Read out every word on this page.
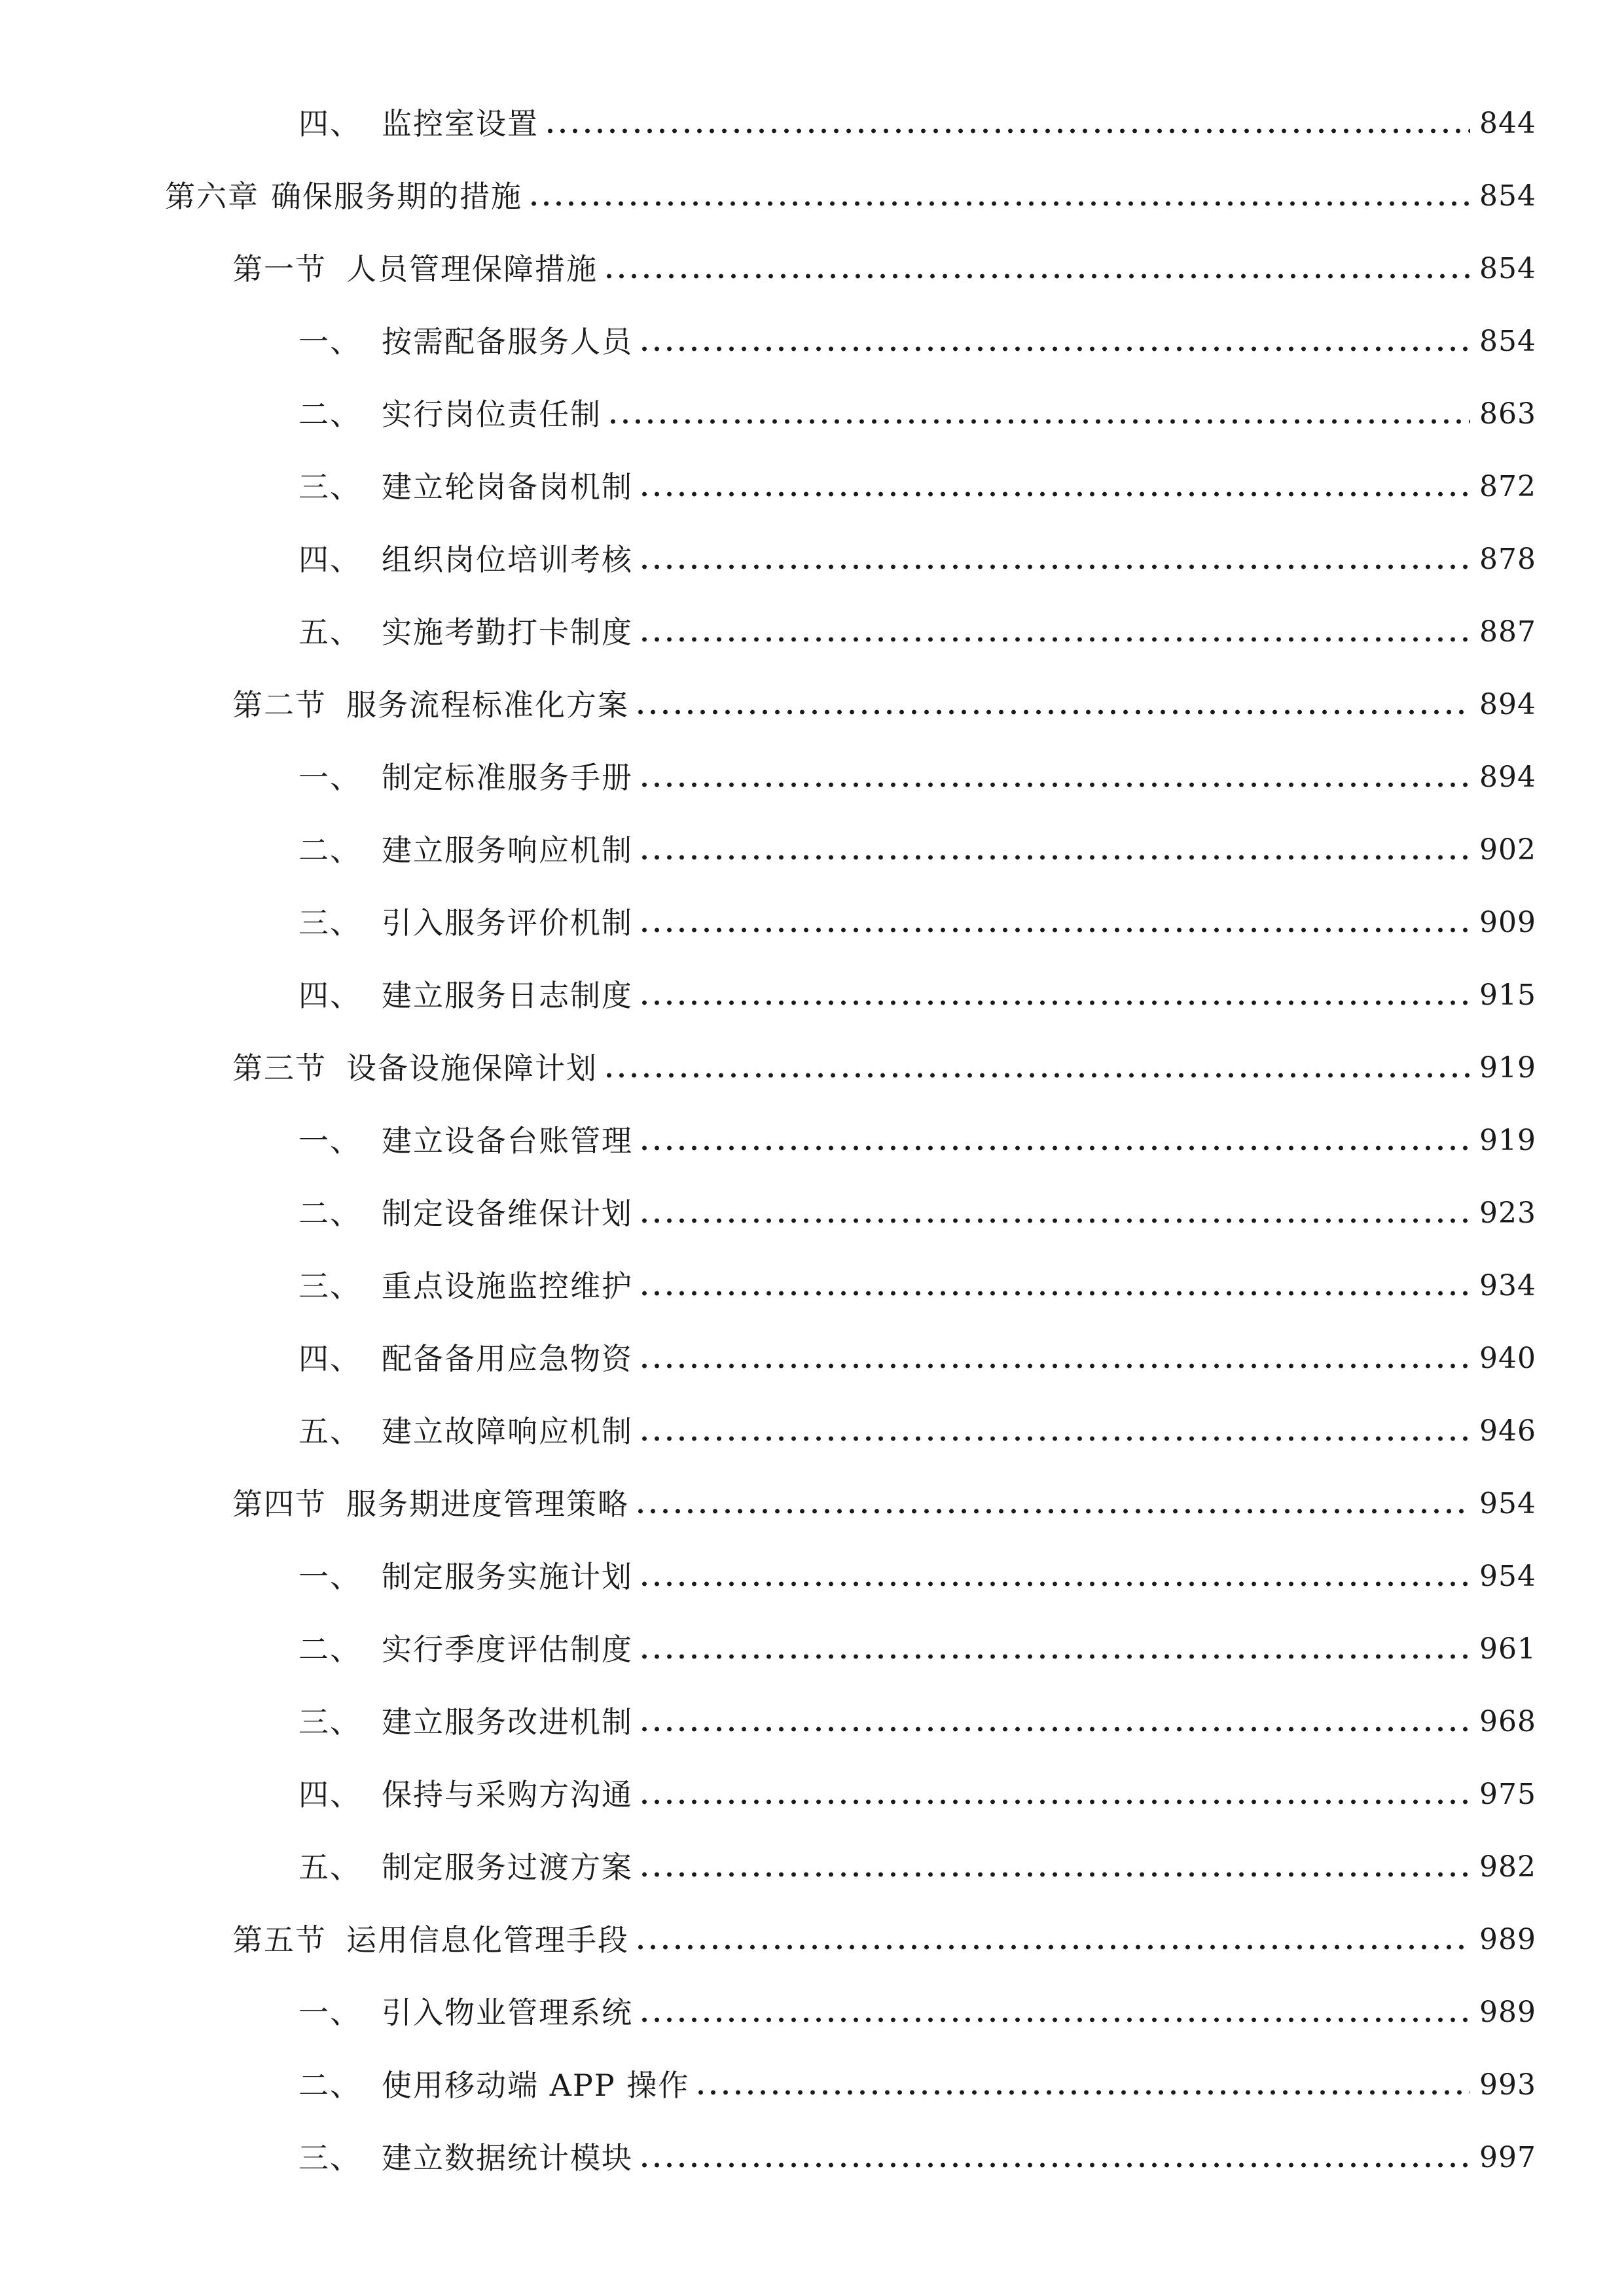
四、 监控室设置	844
第六章 确保服务期的措施	854
第一节 人员管理保障措施	854
一、 按需配备服务人员	854
二、 实行岗位责任制	863
三、 建立轮岗备岗机制	872
四、 组织岗位培训考核	878
五、 实施考勤打卡制度	887
第二节 服务流程标准化方案	894
一、 制定标准服务手册	894
二、 建立服务响应机制	902
三、 引入服务评价机制	909
四、 建立服务日志制度	915
第三节 设备设施保障计划	919
一、 建立设备台账管理	919
二、 制定设备维保计划	923
三、 重点设施监控维护	934
四、 配备备用应急物资	940
五、 建立故障响应机制	946
第四节 服务期进度管理策略	954
一、 制定服务实施计划	954
二、 实行季度评估制度	961
三、 建立服务改进机制	968
四、 保持与采购方沟通	975
五、 制定服务过渡方案	982
第五节 运用信息化管理手段	989
一、 引入物业管理系统	989
二、 使用移动端 APP 操作	993
三、 建立数据统计模块	997
